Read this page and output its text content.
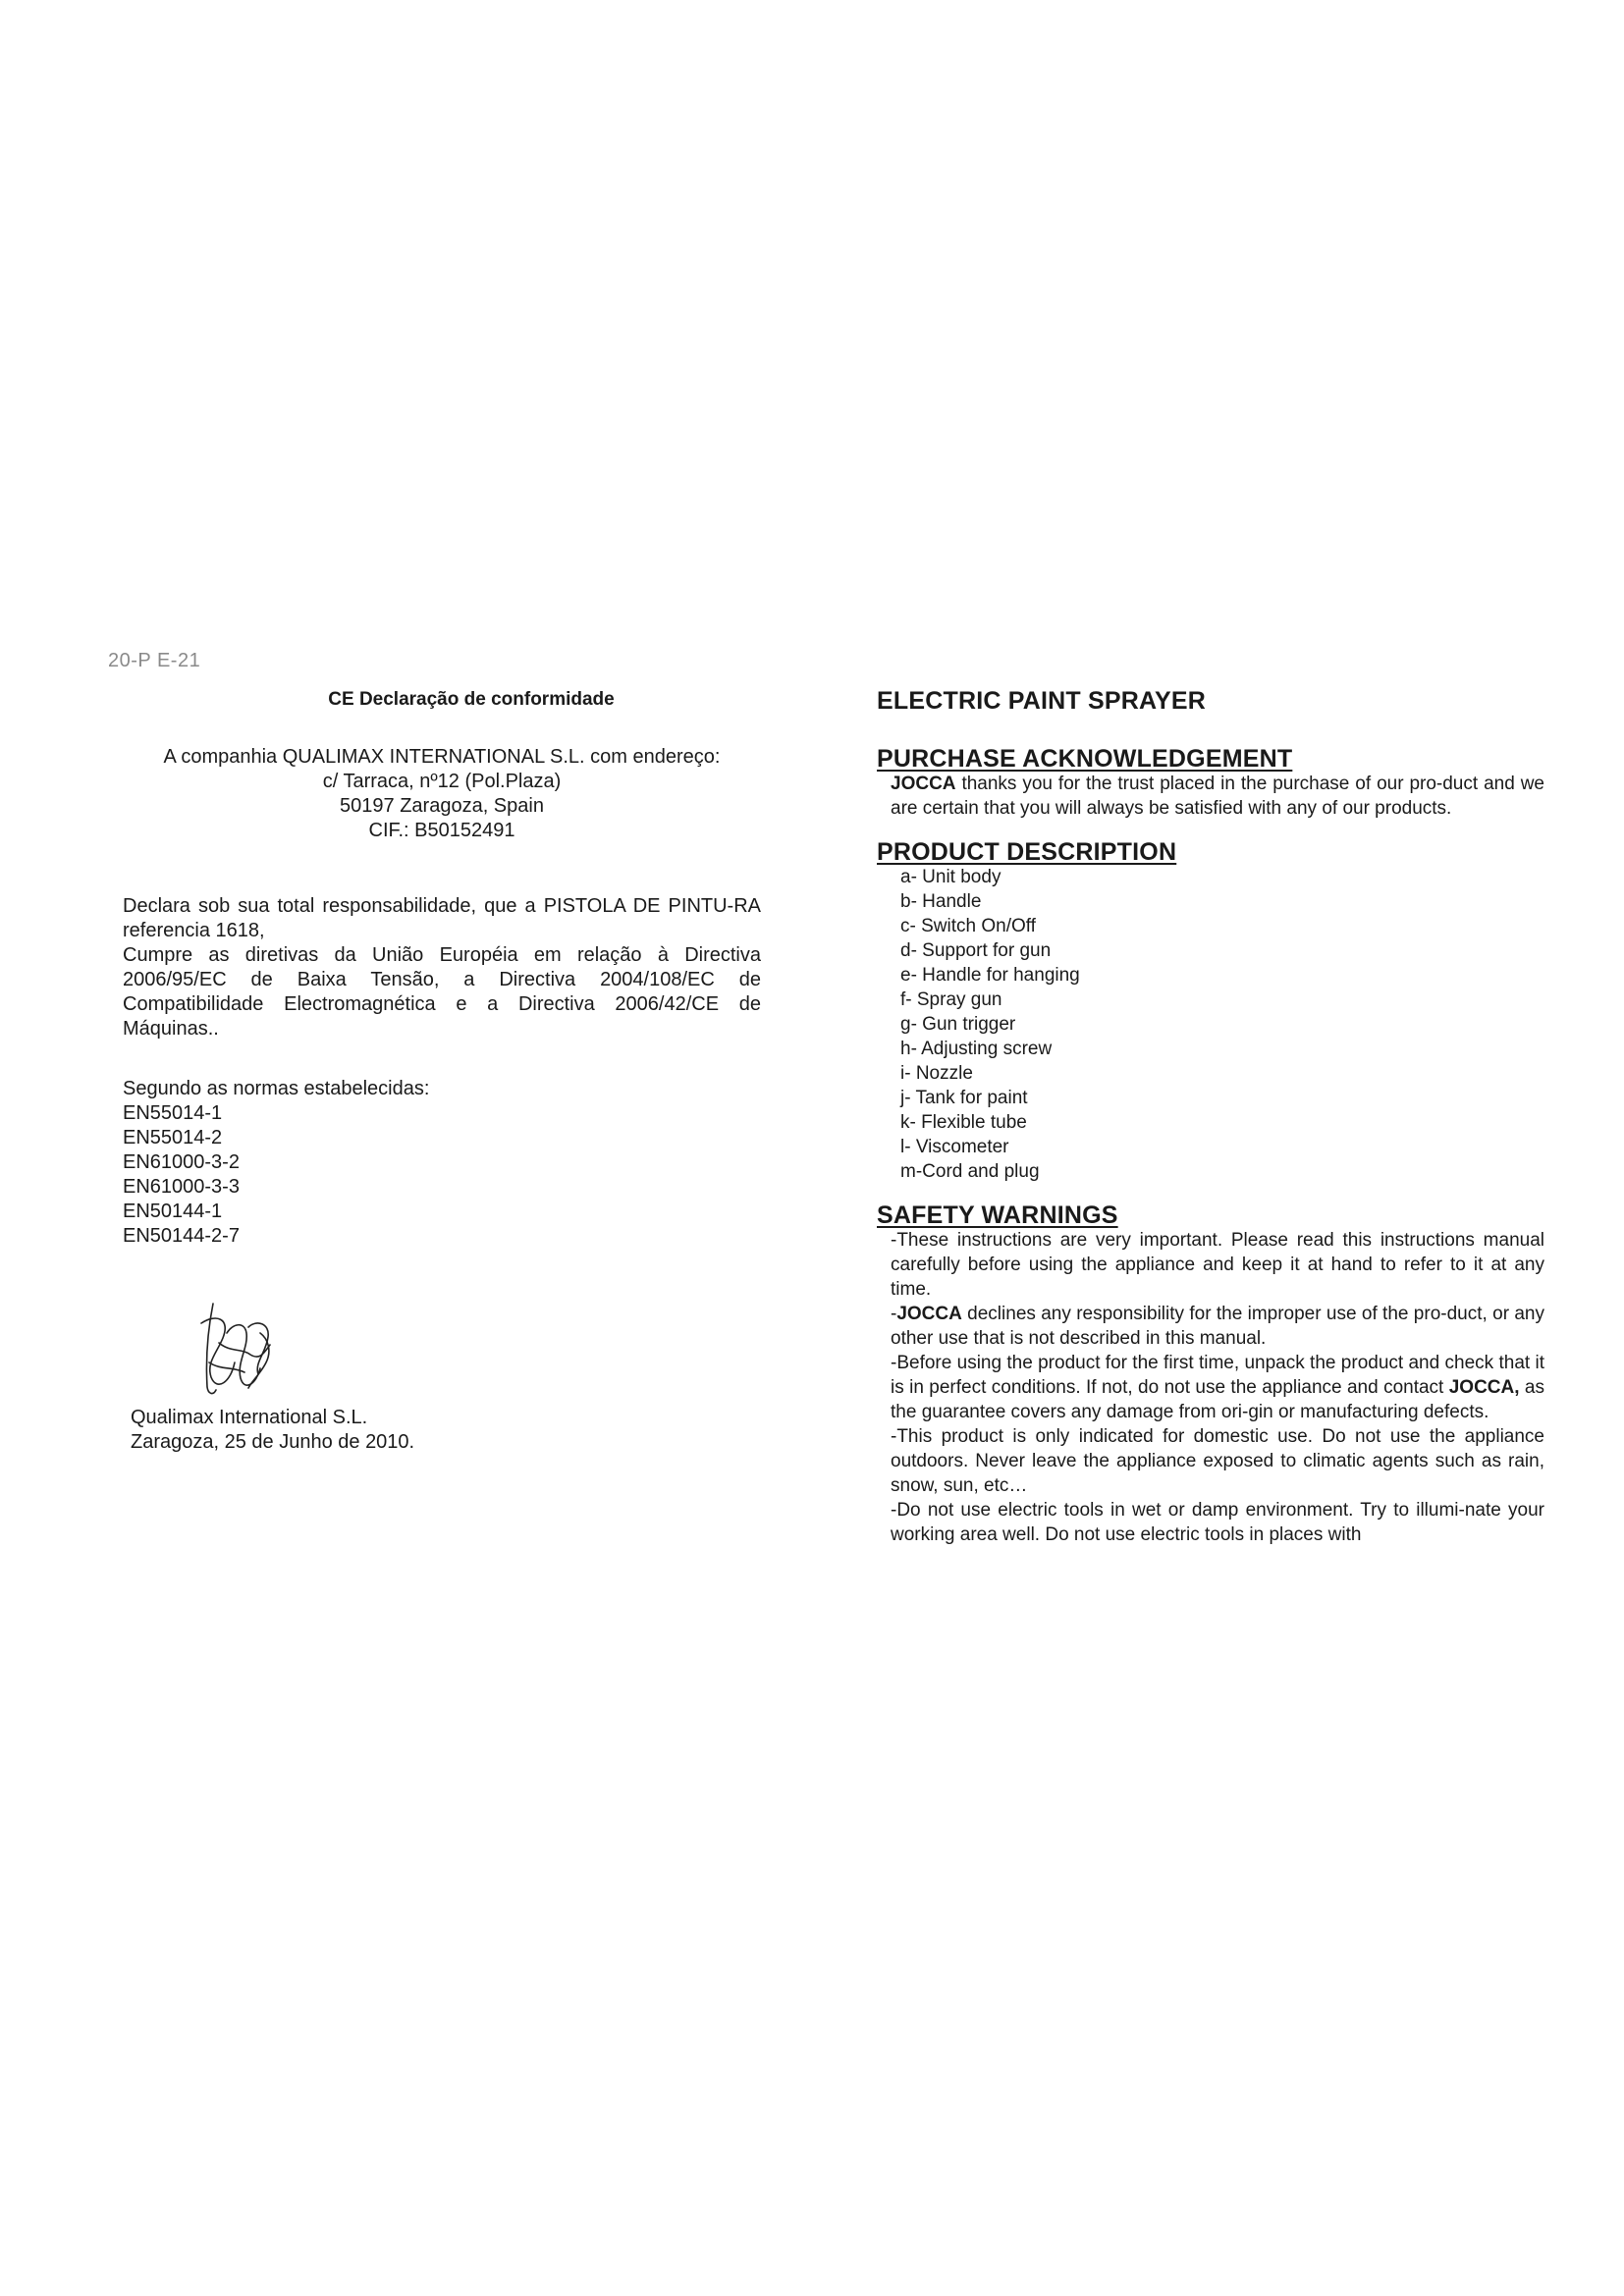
20-P E-21
CE Declaração de conformidade
A companhia QUALIMAX INTERNATIONAL S.L. com endereço:
c/ Tarraca, nº12 (Pol.Plaza)
50197 Zaragoza, Spain
CIF.: B50152491

Declara sob sua total responsabilidade, que a PISTOLA DE PINTU-RA referencia 1618,

Cumpre as diretivas da União Européia em relação à Directiva 2006/95/EC de Baixa Tensão, a Directiva 2004/108/EC de Compatibilidade Electromagnética e a Directiva 2006/42/CE de Máquinas..

Segundo as normas estabelecidas:
EN55014-1
EN55014-2
EN61000-3-2
EN61000-3-3
EN50144-1
EN50144-2-7
Qualimax International S.L.
Zaragoza, 25 de Junho de 2010.
ELECTRIC PAINT SPRAYER
PURCHASE ACKNOWLEDGEMENT

JOCCA thanks you for the trust placed in the purchase of our pro-duct and we are certain that you will always be satisfied with any of our products.

PRODUCT DESCRIPTION
a- Unit body
b- Handle
c- Switch On/Off
d- Support for gun
e- Handle for hanging
f- Spray gun
g- Gun trigger
h- Adjusting screw
i- Nozzle
j- Tank for paint
k- Flexible tube
l- Viscometer
m-Cord and plug
SAFETY WARNINGS

-These instructions are very important. Please read this instructions manual carefully before using the appliance and keep it at hand to refer to it at any time.

-JOCCA declines any responsibility for the improper use of the pro-duct, or any other use that is not described in this manual.

-Before using the product for the first time, unpack the product and check that it is in perfect conditions. If not, do not use the appliance and contact JOCCA, as the guarantee covers any damage from ori-gin or manufacturing defects.

-This product is only indicated for domestic use. Do not use the appliance outdoors. Never leave the appliance exposed to climatic agents such as rain, snow, sun, etc…

-Do not use electric tools in wet or damp environment. Try to illumi-nate your working area well. Do not use electric tools in places with
